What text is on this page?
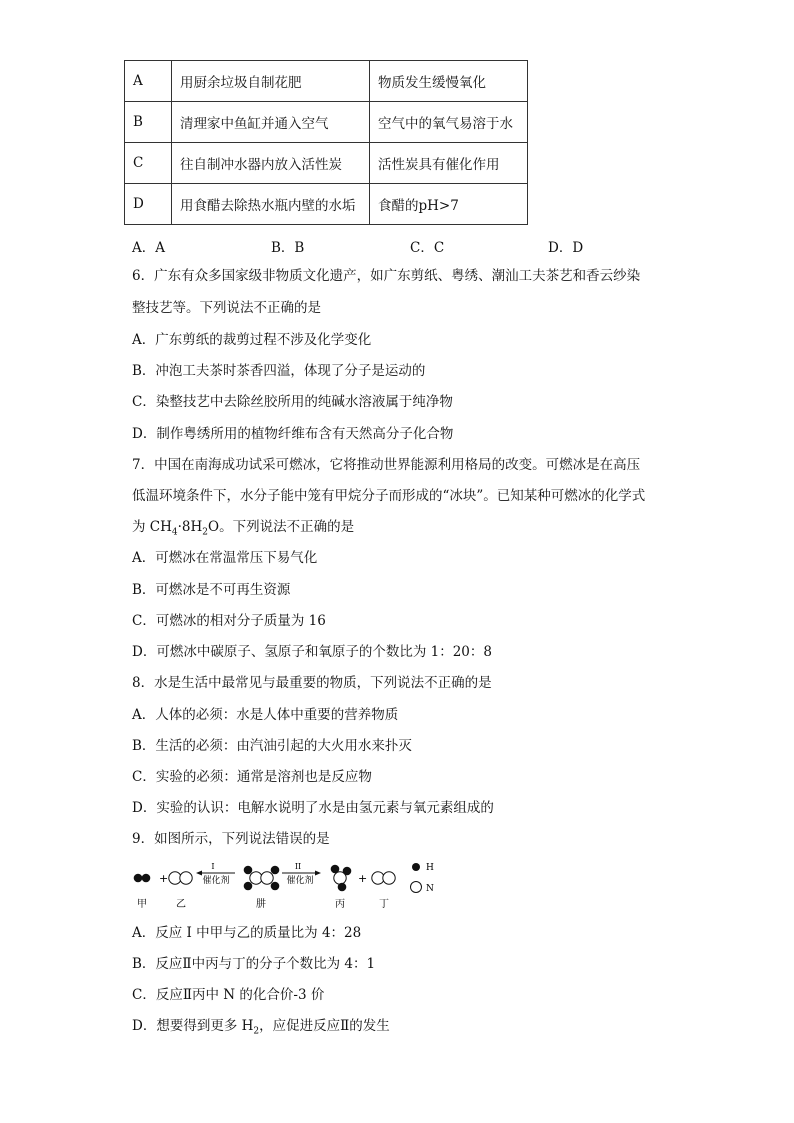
A	用厨余垃圾自制花肥	物质发生缓慢氧化
B	清理家中鱼缸并通入空气	空气中的氧气易溶于水
C	往自制冲水器内放入活性炭	活性炭具有催化作用
D	用食醋去除热水瓶内壁的水垢	食醋的pH>7
A．A	B．B	C．C	D．D
6．广东有众多国家级非物质文化遗产，如广东剪纸、粤绣、潮汕工夫茶艺和香云纱染
整技艺等。下列说法不正确的是
A．广东剪纸的裁剪过程不涉及化学变化
B．冲泡工夫茶时茶香四溢，体现了分子是运动的
C．染整技艺中去除丝胶所用的纯碱水溶液属于纯净物
D．制作粤绣所用的植物纤维布含有天然高分子化合物
7．中国在南海成功试采可燃冰，它将推动世界能源利用格局的改变。可燃冰是在高压
低温环境条件下，水分子能中笼有甲烷分子而形成的“冰块”。已知某种可燃冰的化学式
为 $CH_4\cdot 8H_2O$。下列说法不正确的是
A．可燃冰在常温常压下易气化
B．可燃冰是不可再生资源
C．可燃冰的相对分子质量为 16
D．可燃冰中碳原子、氢原子和氧原子的个数比为 1：20：8
8．水是生活中最常见与最重要的物质，下列说法不正确的是
A．人体的必须：水是人体中重要的营养物质
B．生活的必须：由汽油引起的大火用水来扑灭
C．实验的必须：通常是溶剂也是反应物
D．实验的认识：电解水说明了水是由氢元素与氧元素组成的
9．如图所示，下列说法错误的是
+
I
催化剂
II
催化剂	+
H
N
甲	乙	肼	丙	丁
A．反应 I 中甲与乙的质量比为 4：28
B．反应Ⅱ中丙与丁的分子个数比为 4：1
C．反应Ⅱ丙中 N 的化合价-3 价
D．想要得到更多 $H_2$，应促进反应Ⅱ的发生
